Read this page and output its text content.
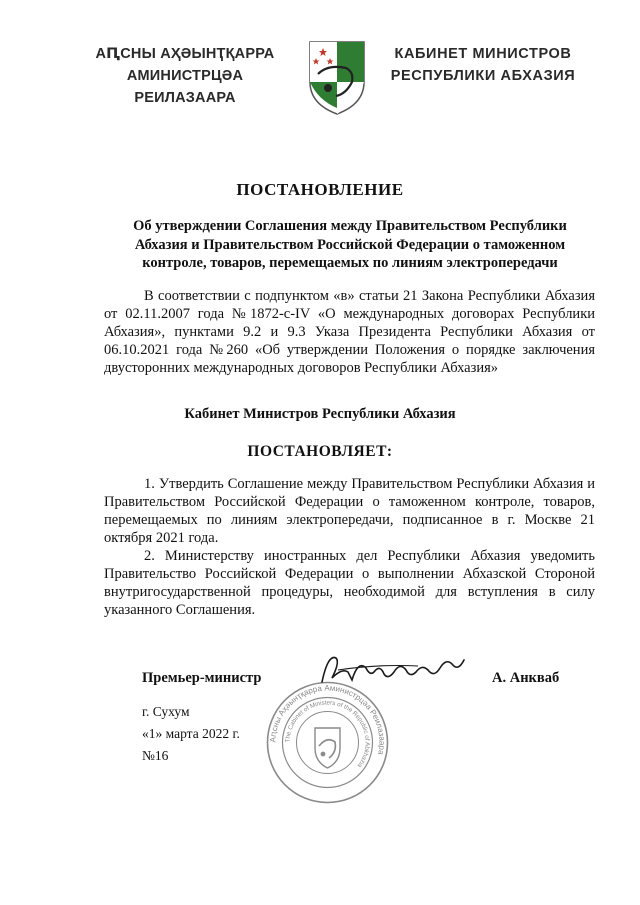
АԤСНЫ АҲӘЫНҬҚАРРА
АМИНИСТРЦӘА РЕИЛАЗААРА
КАБИНЕТ МИНИСТРОВ
РЕСПУБЛИКИ АБХАЗИЯ
ПОСТАНОВЛЕНИЕ
Об утверждении Соглашения между Правительством Республики Абхазия и Правительством Российской Федерации о таможенном контроле, товаров, перемещаемых по линиям электропередачи
В соответствии с подпунктом «в» статьи 21 Закона Республики Абхазия от 02.11.2007 года №1872-с-IV «О международных договорах Республики Абхазия», пунктами 9.2 и 9.3 Указа Президента Республики Абхазия от 06.10.2021 года №260 «Об утверждении Положения о порядке заключения двусторонних международных договоров Республики Абхазия»
Кабинет Министров Республики Абхазия
ПОСТАНОВЛЯЕТ:
1. Утвердить Соглашение между Правительством Республики Абхазия и Правительством Российской Федерации о таможенном контроле, товаров, перемещаемых по линиям электропередачи, подписанное в г. Москве 21 октября 2021 года.
2. Министерству иностранных дел Республики Абхазия уведомить Правительство Российской Федерации о выполнении Абхазской Стороной внутригосударственной процедуры, необходимой для вступления в силу указанного Соглашения.
Аԥсны Аҳәынҭқарра Аминистрцәа Реилазаара
The Cabinet of Ministers of the Republic of Abkhazia
Премьер-министр	А. Анкваб
г. Сухум
«1» марта 2022 г.
№16
